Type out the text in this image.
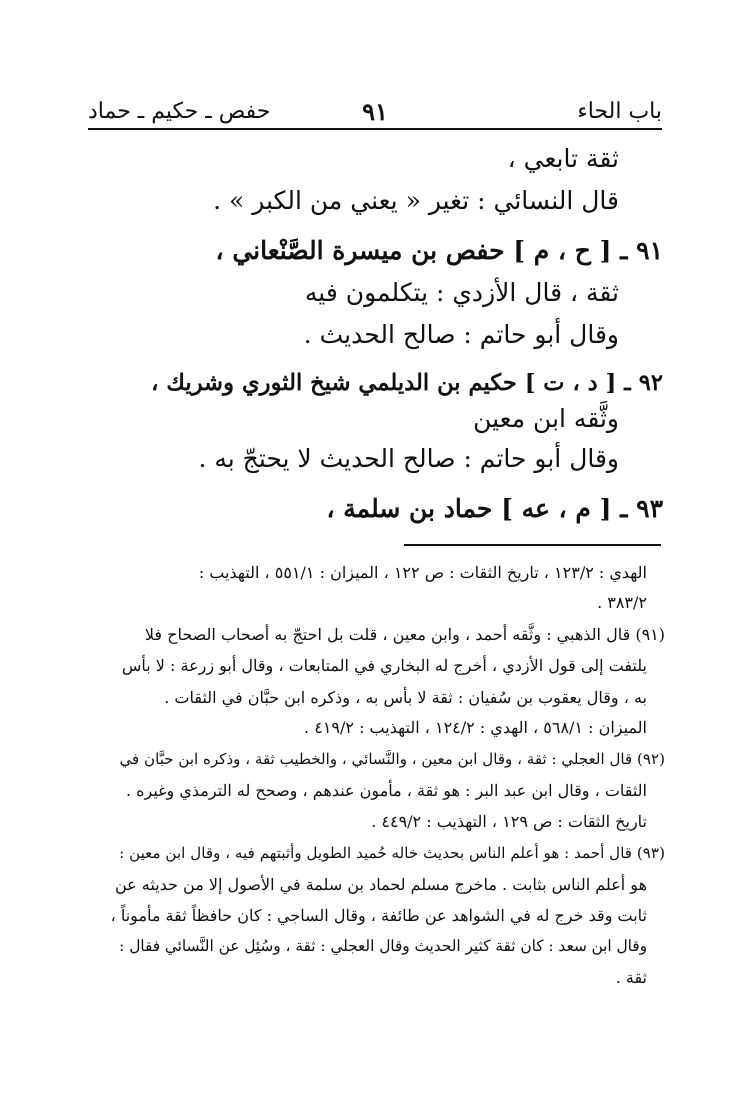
باب الحاء
٩١
حفص ـ حكيم ـ حماد
ثقة تابعي ،
قال النسائي : تغير « يعني من الكبر » .
٩١ ـ [ ح ، م ] حفص بن ميسرة الصَّنْعاني ،
ثقة ، قال الأزدي : يتكلمون فيه
وقال أبو حاتم : صالح الحديث .
٩٢ ـ [ د ، ت ] حكيم بن الديلمي شيخ الثوري وشريك ،
وثَّقه ابن معين
وقال أبو حاتم : صالح الحديث لا يحتجّ به .
٩٣ ـ [ م ، عه ] حماد بن سلمة ،
الهدي : ١٢٣/٢ ، تاريخ الثقات : ص ١٢٢ ، الميزان : ٥٥١/١ ، التهذيب :
٣٨٣/٢ .
(٩١) قال الذهبي : وثَّقه أحمد ، وابن معين ، قلت بل احتجّ به أصحاب الصحاح فلا
يلتفت إلى قول الأزدي ، أخرج له البخاري في المتابعات ، وقال أبو زرعة : لا بأس
به ، وقال يعقوب بن سُفيان : ثقة لا بأس به ، وذكره ابن حبَّان في الثقات .
الميزان : ٥٦٨/١ ، الهدي : ١٢٤/٢ ، التهذيب : ٤١٩/٢ .
(٩٢) قال العجلي : ثقة ، وقال ابن معين ، والنَّسائي ، والخطيب ثقة ، وذكره ابن حبَّان في
الثقات ، وقال ابن عبد البر : هو ثقة ، مأمون عندهم ، وصحح له الترمذي وغيره .
تاريخ الثقات : ص ١٢٩ ، التهذيب : ٤٤٩/٢ .
(٩٣) قال أحمد : هو أعلم الناس بحديث خاله حُميد الطويل وأثبتهم فيه ، وقال ابن معين :
هو أعلم الناس بثابت . ماخرج مسلم لحماد بن سلمة في الأصول إلا من حديثه عن
ثابت وقد خرج له في الشواهد عن طائفة ، وقال الساجي : كان حافظاً ثقة مأموناً ،
وقال ابن سعد : كان ثقة كثير الحديث وقال العجلي : ثقة ، وسُئِل عن النَّسائي فقال :
ثقة .
